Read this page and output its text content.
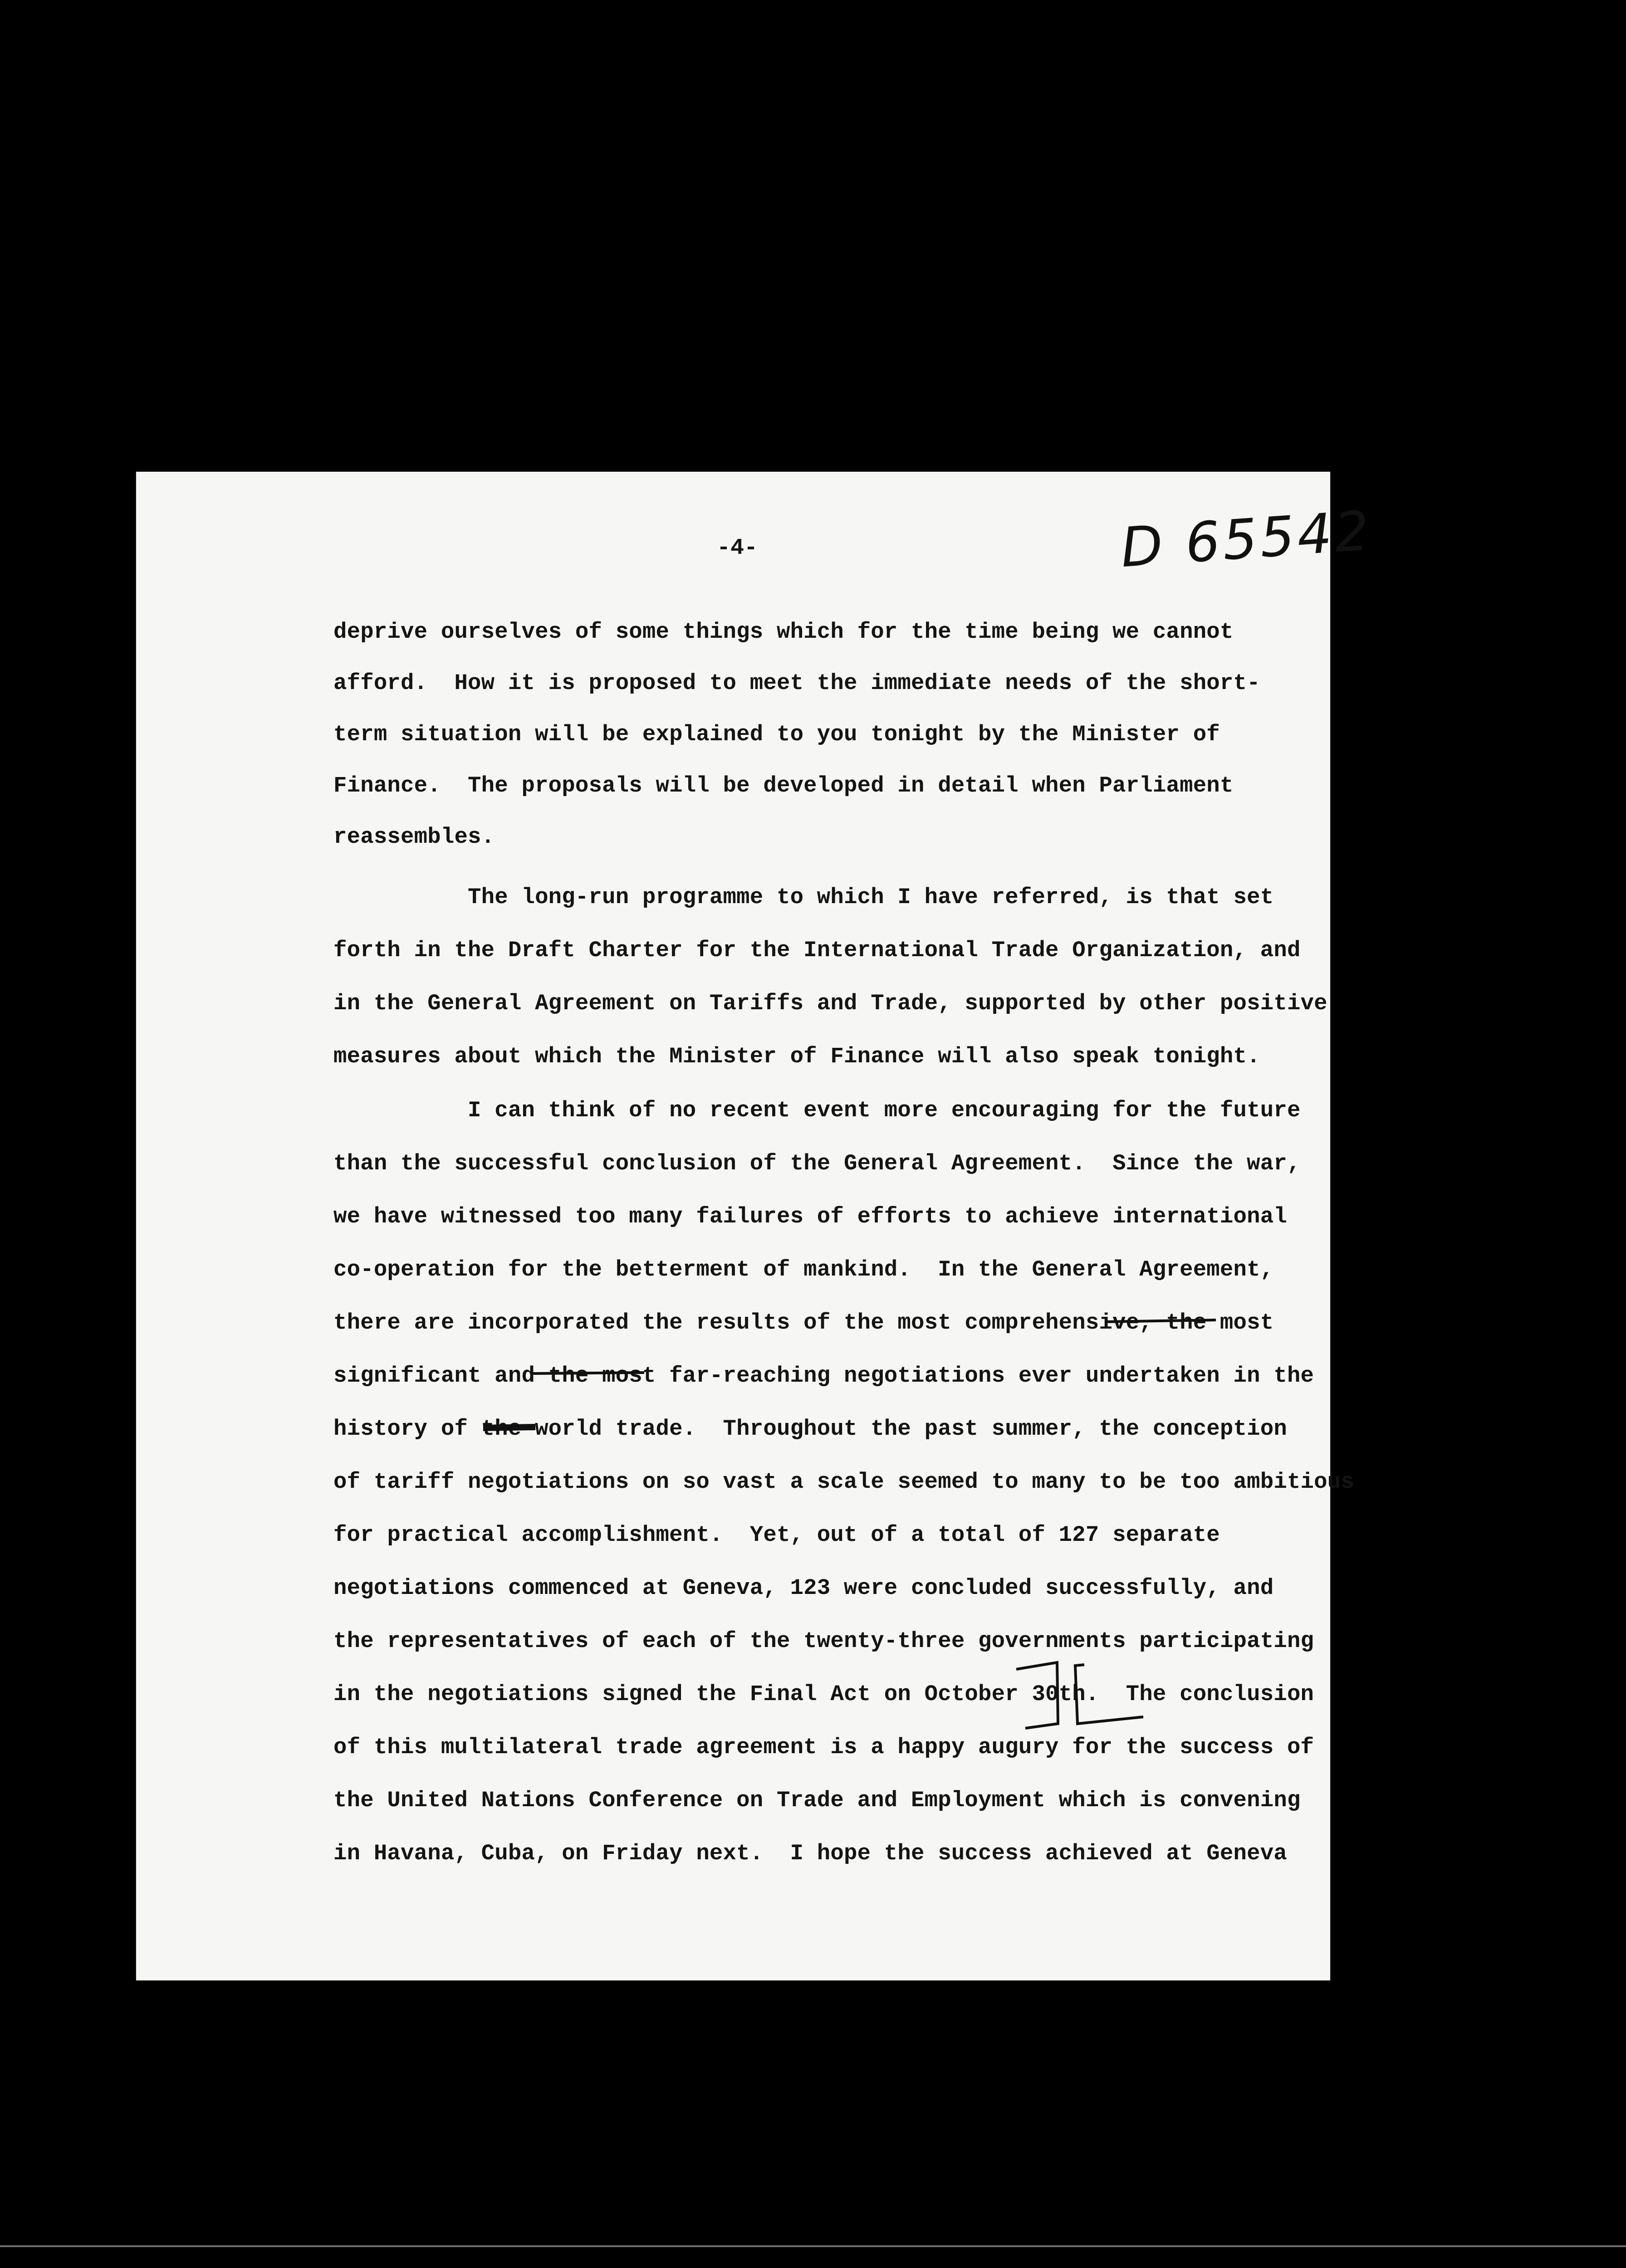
D 65542
-4-
deprive ourselves of some things which for the time being we cannot
afford.  How it is proposed to meet the immediate needs of the short-
term situation will be explained to you tonight by the Minister of
Finance.  The proposals will be developed in detail when Parliament
reassembles.
The long-run programme to which I have referred, is that set
forth in the Draft Charter for the International Trade Organization, and
in the General Agreement on Tariffs and Trade, supported by other positive
measures about which the Minister of Finance will also speak tonight.
I can think of no recent event more encouraging for the future
than the successful conclusion of the General Agreement.  Since the war,
we have witnessed too many failures of efforts to achieve international
co-operation for the betterment of mankind.  In the General Agreement,
there are incorporated the results of the most comprehensive, the most
significant and the most far-reaching negotiations ever undertaken in the
history of the world trade.  Throughout the past summer, the conception
of tariff negotiations on so vast a scale seemed to many to be too ambitious
for practical accomplishment.  Yet, out of a total of 127 separate
negotiations commenced at Geneva, 123 were concluded successfully, and
the representatives of each of the twenty-three governments participating
in the negotiations signed the Final Act on October 30th.  The conclusion
of this multilateral trade agreement is a happy augury for the success of
the United Nations Conference on Trade and Employment which is convening
in Havana, Cuba, on Friday next.  I hope the success achieved at Geneva
